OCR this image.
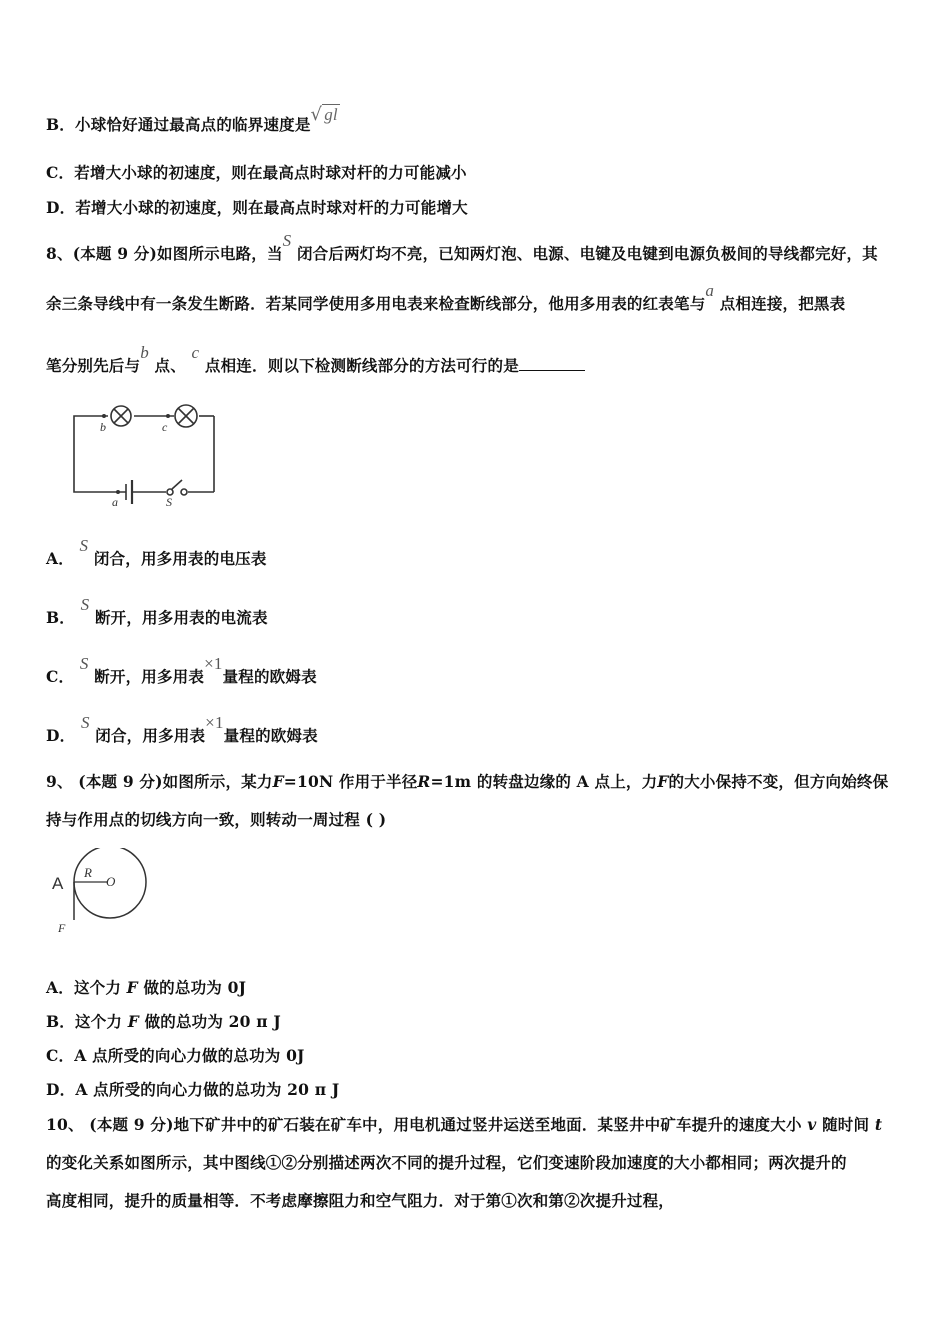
B．小球恰好通过最高点的临界速度是√ gl
C．若增大小球的初速度，则在最高点时球对杆的力可能减小
D．若增大小球的初速度，则在最高点时球对杆的力可能增大
8、(本题 9 分)如图所示电路，当S 闭合后两灯均不亮，已知两灯泡、电源、电键及电键到电源负极间的导线都完好，其
余三条导线中有一条发生断路．若某同学使用多用电表来检查断线部分，他用多用表的红表笔与a 点相连接，把黑表
笔分别先后与b 点、 c 点相连．则以下检测断线部分的方法可行的是
b	c
a	S
A． S 闭合，用多用表的电压表
B． S 断开，用多用表的电流表
C． S 断开，用多用表×1量程的欧姆表
D． S 闭合，用多用表×1量程的欧姆表
9、 (本题 9 分)如图所示，某力F=10N 作用于半径R=1m 的转盘边缘的 A 点上，力F的大小保持不变，但方向始终保
持与作用点的切线方向一致，则转动一周过程 ( )
A
R
O
F
A．这个力 F 做的总功为 0J
B．这个力 F 做的总功为 20 π J
C．A 点所受的向心力做的总功为 0J
D．A 点所受的向心力做的总功为 20 π J
10、 (本题 9 分)地下矿井中的矿石装在矿车中，用电机通过竖井运送至地面．某竖井中矿车提升的速度大小 v 随时间 t
的变化关系如图所示，其中图线①②分别描述两次不同的提升过程，它们变速阶段加速度的大小都相同；两次提升的
高度相同，提升的质量相等．不考虑摩擦阻力和空气阻力．对于第①次和第②次提升过程，
